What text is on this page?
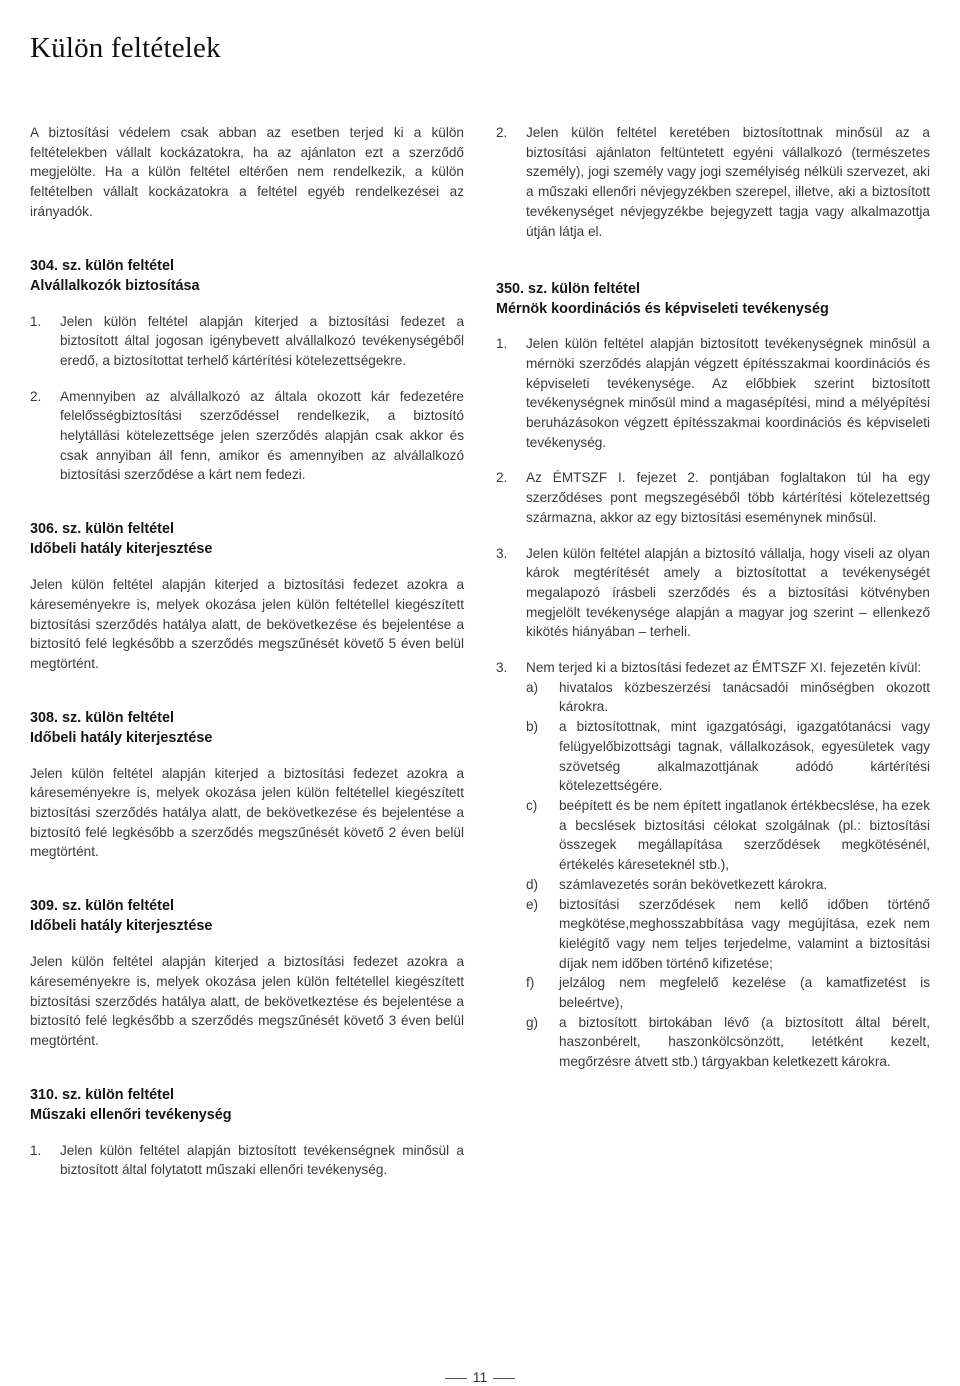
Külön feltételek

A biztosítási védelem csak abban az esetben terjed ki a külön feltételekben vállalt kockázatokra, ha az ajánlaton ezt a szerződő megjelölte. Ha a külön feltétel eltérően nem rendelkezik, a külön feltételben vállalt kockázatokra a feltétel egyéb rendelkezései az irányadók.

304. sz. külön feltétel
Alvállalkozók biztosítása
1.	Jelen külön feltétel alapján kiterjed a biztosítási fedezet a biztosított által jogosan igénybevett alvállalkozó tevékenységéből eredő, a biztosítottat terhelő kártérítési kötelezettségekre.
2.	Amennyiben az alvállalkozó az általa okozott kár fedezetére felelősségbiztosítási szerződéssel rendelkezik, a biztosító helytállási kötelezettsége jelen szerződés alapján csak akkor és csak annyiban áll fenn, amikor és amennyiben az alvállalkozó biztosítási szerződése a kárt nem fedezi.
306. sz. külön feltétel
Időbeli hatály kiterjesztése

Jelen külön feltétel alapján kiterjed a biztosítási fedezet azokra a káreseményekre is, melyek okozása jelen külön feltétellel kiegészített biztosítási szerződés hatálya alatt, de bekövetkezése és bejelentése a biztosító felé legkésőbb a szerződés megszűnését követő 5 éven belül megtörtént.

308. sz. külön feltétel
Időbeli hatály kiterjesztése

Jelen külön feltétel alapján kiterjed a biztosítási fedezet azokra a káreseményekre is, melyek okozása jelen külön feltétellel kiegészített biztosítási szerződés hatálya alatt, de bekövetkezése és bejelentése a biztosító felé legkésőbb a szerződés megszűnését követő 2 éven belül megtörtént.

309. sz. külön feltétel
Időbeli hatály kiterjesztése

Jelen külön feltétel alapján kiterjed a biztosítási fedezet azokra a káreseményekre is, melyek okozása jelen külön feltétellel kiegészített biztosítási szerződés hatálya alatt, de bekövetkeztése és bejelentése a biztosító felé legkésőbb a szerződés megszűnését követő 3 éven belül megtörtént.

310. sz. külön feltétel
Műszaki ellenőri tevékenység
1.	Jelen külön feltétel alapján biztosított tevékenségnek minősül a biztosított által folytatott műszaki ellenőri tevékenység.
2.	Jelen külön feltétel keretében biztosítottnak minősül az a biztosítási ajánlaton feltüntetett egyéni vállalkozó (természetes személy), jogi személy vagy jogi személyiség nélküli szervezet, aki a műszaki ellenőri névjegyzékben szerepel, illetve, aki a biztosított tevékenységet névjegyzékbe bejegyzett tagja vagy alkalmazottja útján látja el.
350. sz. külön feltétel
Mérnök koordinációs és képviseleti tevékenység
1.	Jelen külön feltétel alapján biztosított tevékenységnek minősül a mérnöki szerződés alapján végzett építésszakmai koordinációs és képviseleti tevékenysége. Az előbbiek szerint biztosított tevékenységnek minősül mind a magasépítési, mind a mélyépítési beruházásokon végzett építésszakmai koordinációs és képviseleti tevékenység.
2.	Az ÉMTSZF I. fejezet 2. pontjában foglaltakon túl ha egy szerződéses pont megszegéséből több kártérítési kötelezettség származna, akkor az egy biztosítási eseménynek minősül.
3.	Jelen külön feltétel alapján a biztosító vállalja, hogy viseli az olyan károk megtérítését amely a biztosítottat a tevékenységét megalapozó írásbeli szerződés és a biztosítási kötvényben megjelölt tevékenysége alapján a magyar jog szerint – ellenkező kikötés hiányában – terheli.
3.	Nem terjed ki a biztosítási fedezet az ÉMTSZF XI. fejezetén kívül:
a)	hivatalos közbeszerzési tanácsadói minőségben okozott károkra.
b)	a biztosítottnak, mint igazgatósági, igazgatótanácsi vagy felügyelőbizottsági tagnak, vállalkozások, egyesületek vagy szövetség alkalmazottjának adódó kártérítési kötelezettségére.
c)	beépített és be nem épített ingatlanok értékbecslése, ha ezek a becslések biztosítási célokat szolgálnak (pl.: biztosítási összegek megállapítása szerződések megkötésénél, értékelés káreseteknél stb.),
d)	számlavezetés során bekövetkezett károkra.
e)	biztosítási szerződések nem kellő időben történő megkötése,meghosszabbítása vagy megújítása, ezek nem kielégítő vagy nem teljes terjedelme, valamint a biztosítási díjak nem időben történő kifizetése;
f)	jelzálog nem megfelelő kezelése (a kamatfizetést is beleértve),
g)	a biztosított birtokában lévő (a biztosított által bérelt, haszonbérelt, haszonkölcsönzött, letétként kezelt, megőrzésre átvett stb.) tárgyakban keletkezett károkra.
11
